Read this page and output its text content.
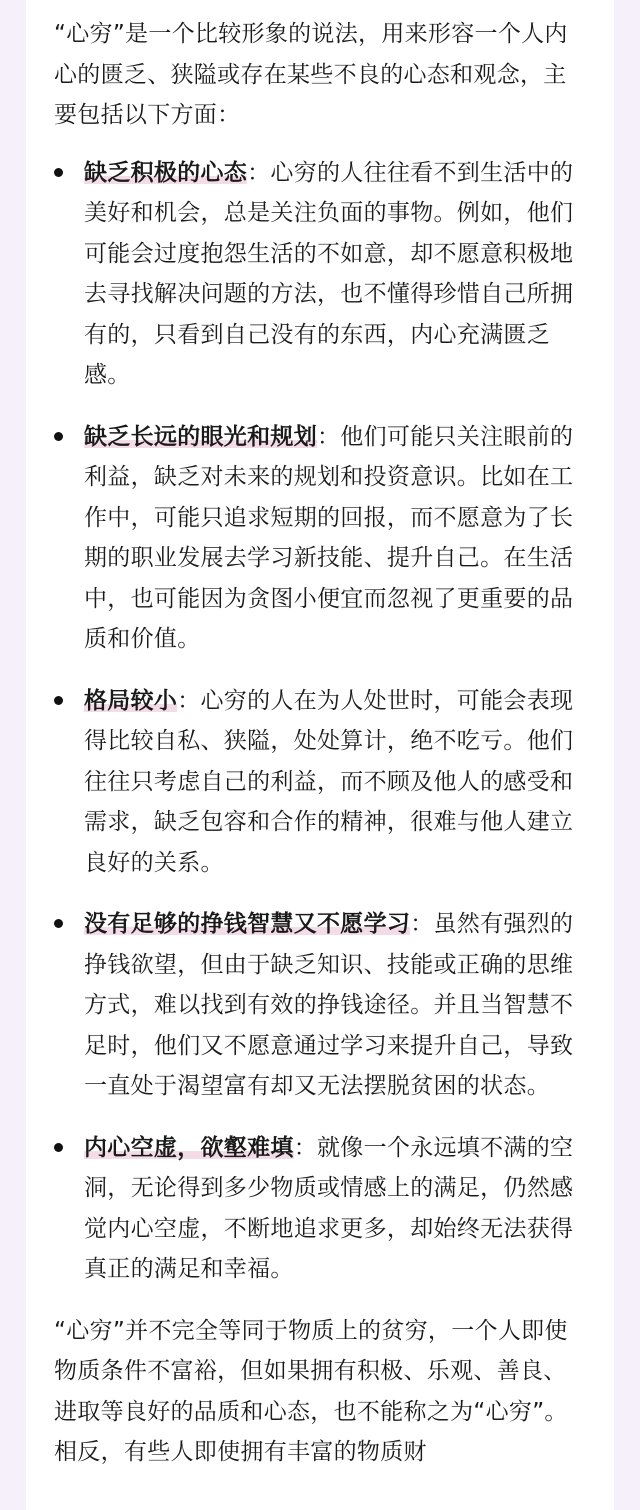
“心穷”是一个比较形象的说法，用来形容一个人内心的匮乏、狭隘或存在某些不良的心态和观念，主要包括以下方面：

缺乏积极的心态：心穷的人往往看不到生活中的美好和机会，总是关注负面的事物。例如，他们可能会过度抱怨生活的不如意，却不愿意积极地去寻找解决问题的方法，也不懂得珍惜自己所拥有的，只看到自己没有的东西，内心充满匮乏感。
缺乏长远的眼光和规划：他们可能只关注眼前的利益，缺乏对未来的规划和投资意识。比如在工作中，可能只追求短期的回报，而不愿意为了长期的职业发展去学习新技能、提升自己。在生活中，也可能因为贪图小便宜而忽视了更重要的品质和价值。
格局较小：心穷的人在为人处世时，可能会表现得比较自私、狭隘，处处算计，绝不吃亏。他们往往只考虑自己的利益，而不顾及他人的感受和需求，缺乏包容和合作的精神，很难与他人建立良好的关系。
没有足够的挣钱智慧又不愿学习：虽然有强烈的挣钱欲望，但由于缺乏知识、技能或正确的思维方式，难以找到有效的挣钱途径。并且当智慧不足时，他们又不愿意通过学习来提升自己，导致一直处于渴望富有却又无法摆脱贫困的状态。
内心空虚，欲壑难填：就像一个永远填不满的空洞，无论得到多少物质或情感上的满足，仍然感觉内心空虚，不断地追求更多，却始终无法获得真正的满足和幸福。

“心穷”并不完全等同于物质上的贫穷，一个人即使物质条件不富裕，但如果拥有积极、乐观、善良、进取等良好的品质和心态，也不能称之为“心穷”。相反，有些人即使拥有丰富的物质财
